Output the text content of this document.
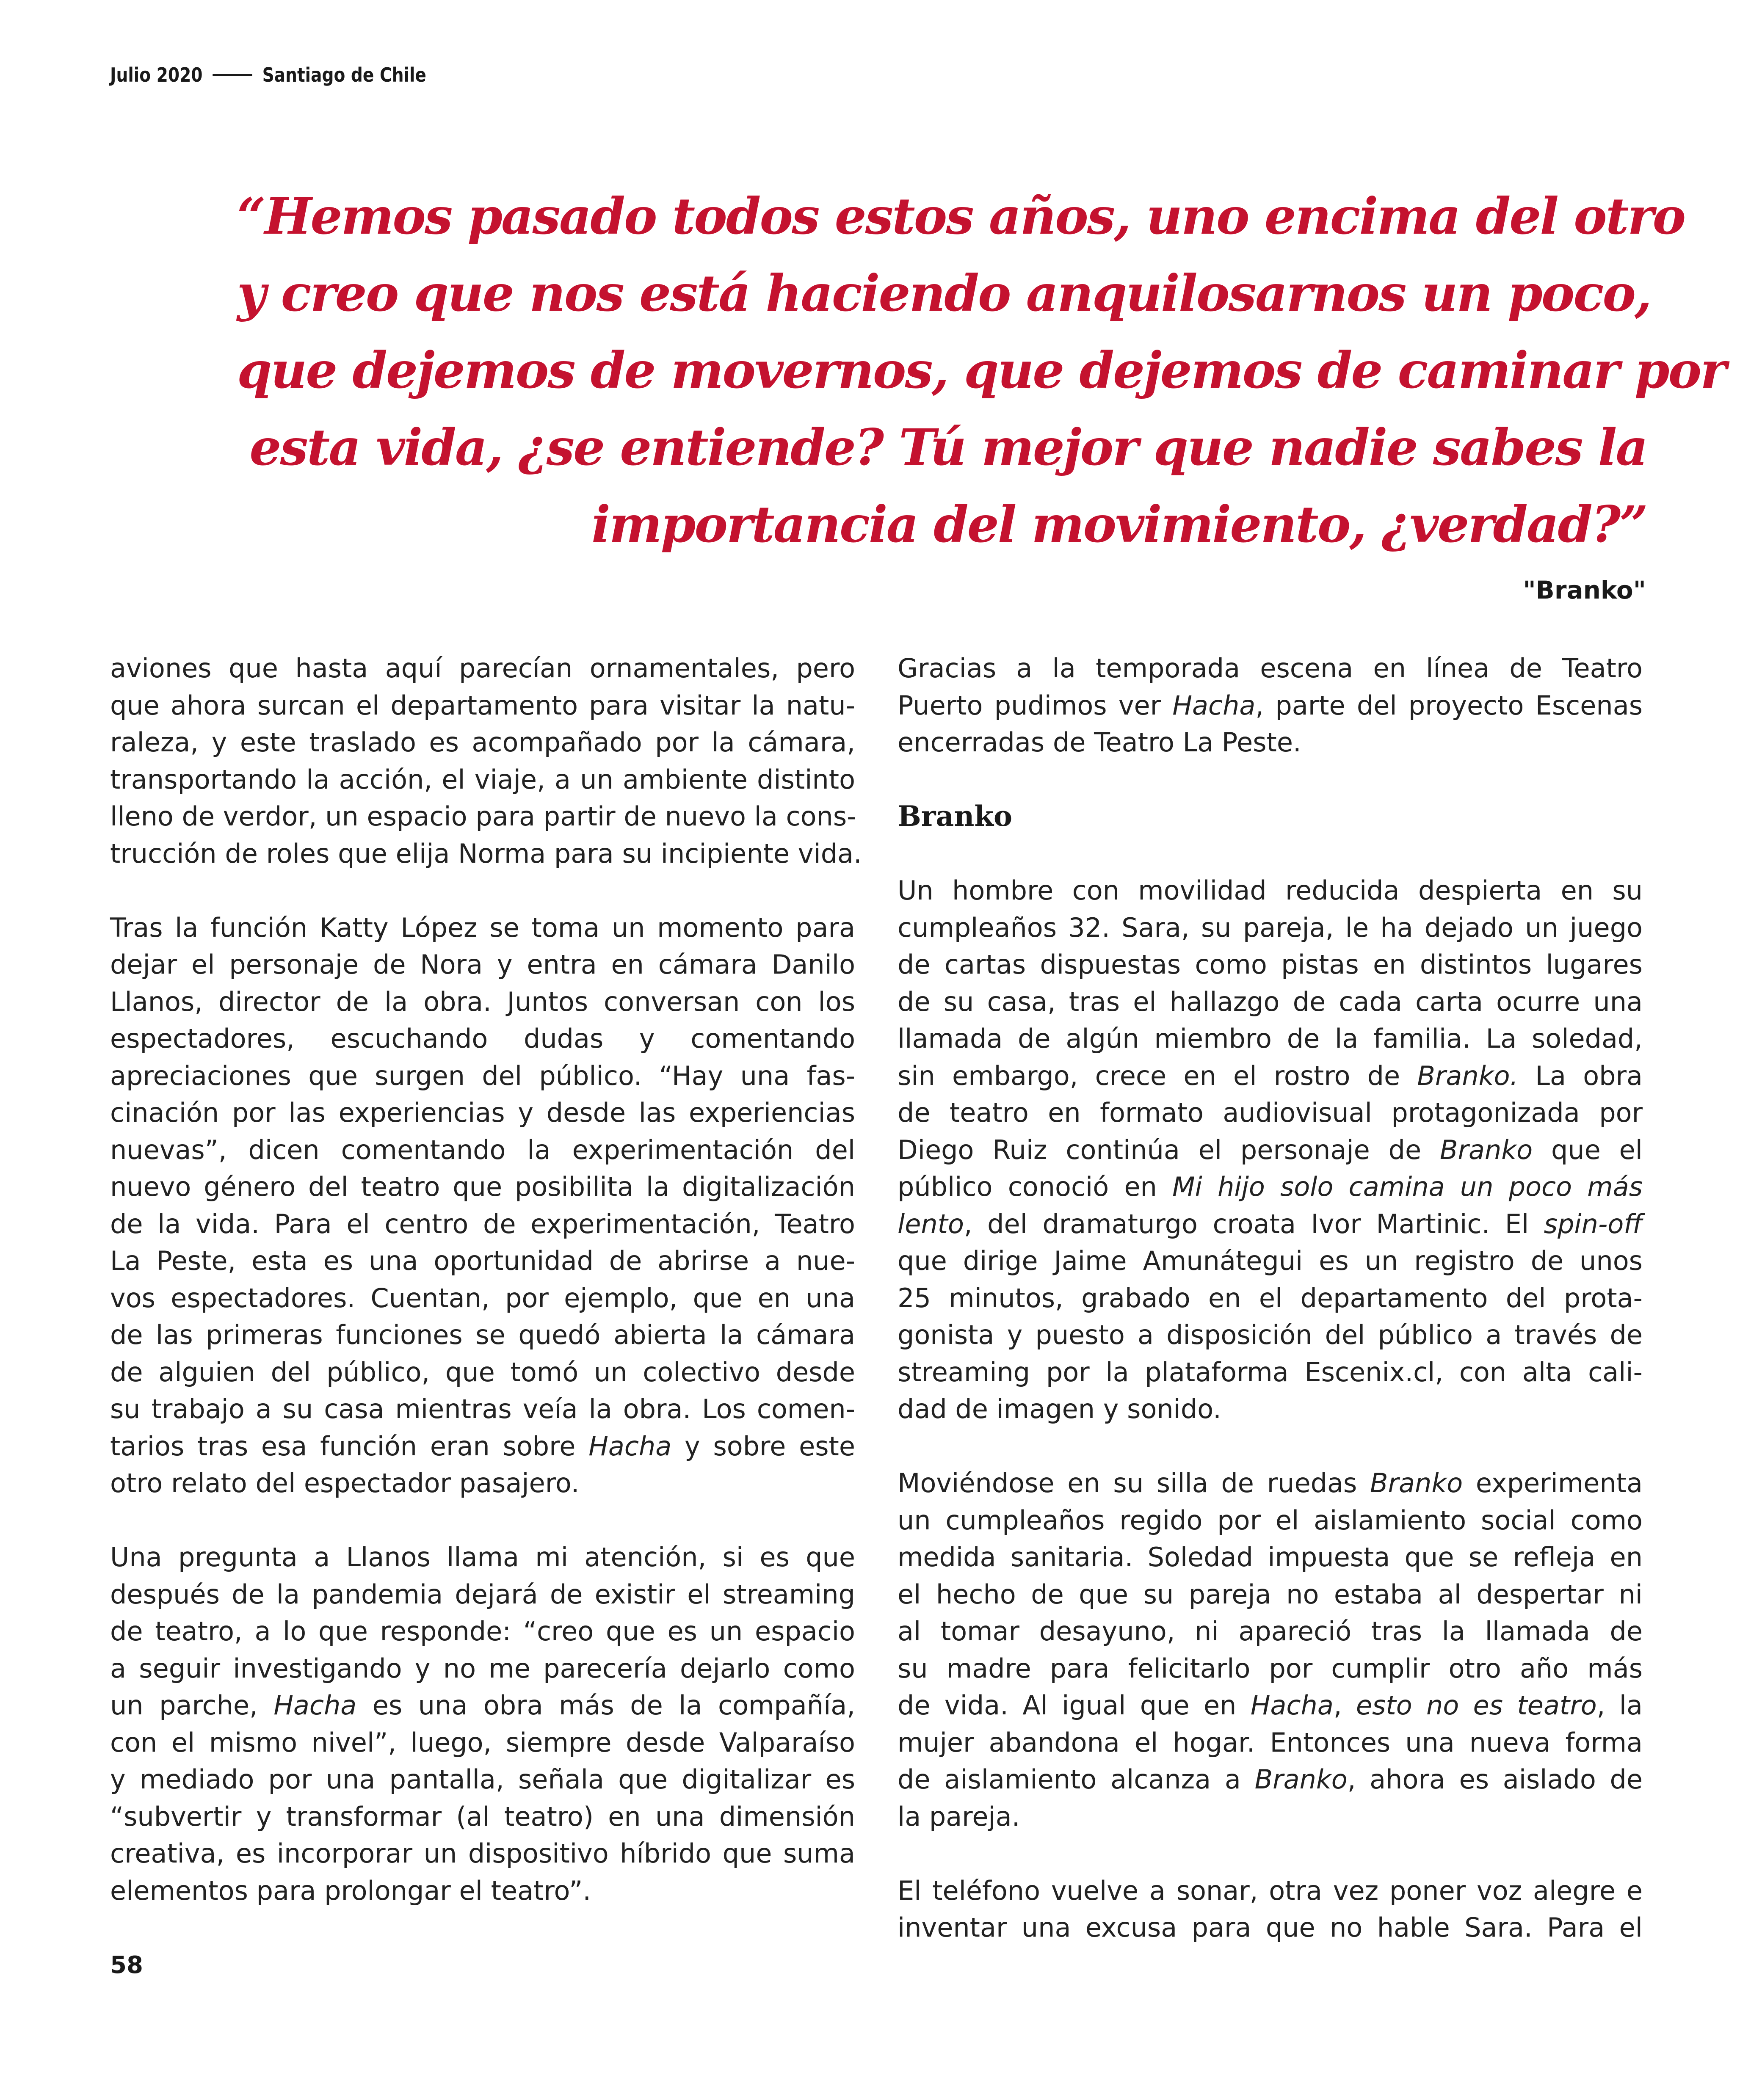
Julio 2020	Santiago de Chile
“Hemos pasado todos estos años, uno encima del otro
y creo que nos está haciendo anquilosarnos un poco,
que dejemos de movernos, que dejemos de caminar por
esta vida, ¿se entiende? Tú mejor que nadie sabes la
importancia del movimiento, ¿verdad?”
"Branko"

aviones que hasta aquí parecían ornamentales, pero
que ahora surcan el departamento para visitar la natu-
raleza, y este traslado es acompañado por la cámara,
transportando la acción, el viaje, a un ambiente distinto
lleno de verdor, un espacio para partir de nuevo la cons-
trucción de roles que elija Norma para su incipiente vida.

Tras la función Katty López se toma un momento para
dejar el personaje de Nora y entra en cámara Danilo
Llanos, director de la obra. Juntos conversan con los
espectadores, escuchando dudas y comentando
apreciaciones que surgen del público. “Hay una fas-
cinación por las experiencias y desde las experiencias
nuevas”, dicen comentando la experimentación del
nuevo género del teatro que posibilita la digitalización
de la vida. Para el centro de experimentación, Teatro
La Peste, esta es una oportunidad de abrirse a nue-
vos espectadores. Cuentan, por ejemplo, que en una
de las primeras funciones se quedó abierta la cámara
de alguien del público, que tomó un colectivo desde
su trabajo a su casa mientras veía la obra. Los comen-
tarios tras esa función eran sobre Hacha y sobre este
otro relato del espectador pasajero.

Una pregunta a Llanos llama mi atención, si es que
después de la pandemia dejará de existir el streaming
de teatro, a lo que responde: “creo que es un espacio
a seguir investigando y no me parecería dejarlo como
un parche, Hacha es una obra más de la compañía,
con el mismo nivel”, luego, siempre desde Valparaíso
y mediado por una pantalla, señala que digitalizar es
“subvertir y transformar (al teatro) en una dimensión
creativa, es incorporar un dispositivo híbrido que suma
elementos para prolongar el teatro”.

Gracias a la temporada escena en línea de Teatro
Puerto pudimos ver Hacha, parte del proyecto Escenas
encerradas de Teatro La Peste.

Branko

Un hombre con movilidad reducida despierta en su
cumpleaños 32. Sara, su pareja, le ha dejado un juego
de cartas dispuestas como pistas en distintos lugares
de su casa, tras el hallazgo de cada carta ocurre una
llamada de algún miembro de la familia. La soledad,
sin embargo, crece en el rostro de Branko. La obra
de teatro en formato audiovisual protagonizada por
Diego Ruiz continúa el personaje de Branko que el
público conoció en Mi hijo solo camina un poco más
lento, del dramaturgo croata Ivor Martinic. El spin-off
que dirige Jaime Amunátegui es un registro de unos
25 minutos, grabado en el departamento del prota-
gonista y puesto a disposición del público a través de
streaming por la plataforma Escenix.cl, con alta cali-
dad de imagen y sonido.

Moviéndose en su silla de ruedas Branko experimenta
un cumpleaños regido por el aislamiento social como
medida sanitaria. Soledad impuesta que se refleja en
el hecho de que su pareja no estaba al despertar ni
al tomar desayuno, ni apareció tras la llamada de
su madre para felicitarlo por cumplir otro año más
de vida. Al igual que en Hacha, esto no es teatro, la
mujer abandona el hogar. Entonces una nueva forma
de aislamiento alcanza a Branko, ahora es aislado de
la pareja.

El teléfono vuelve a sonar, otra vez poner voz alegre e
inventar una excusa para que no hable Sara. Para el

58
